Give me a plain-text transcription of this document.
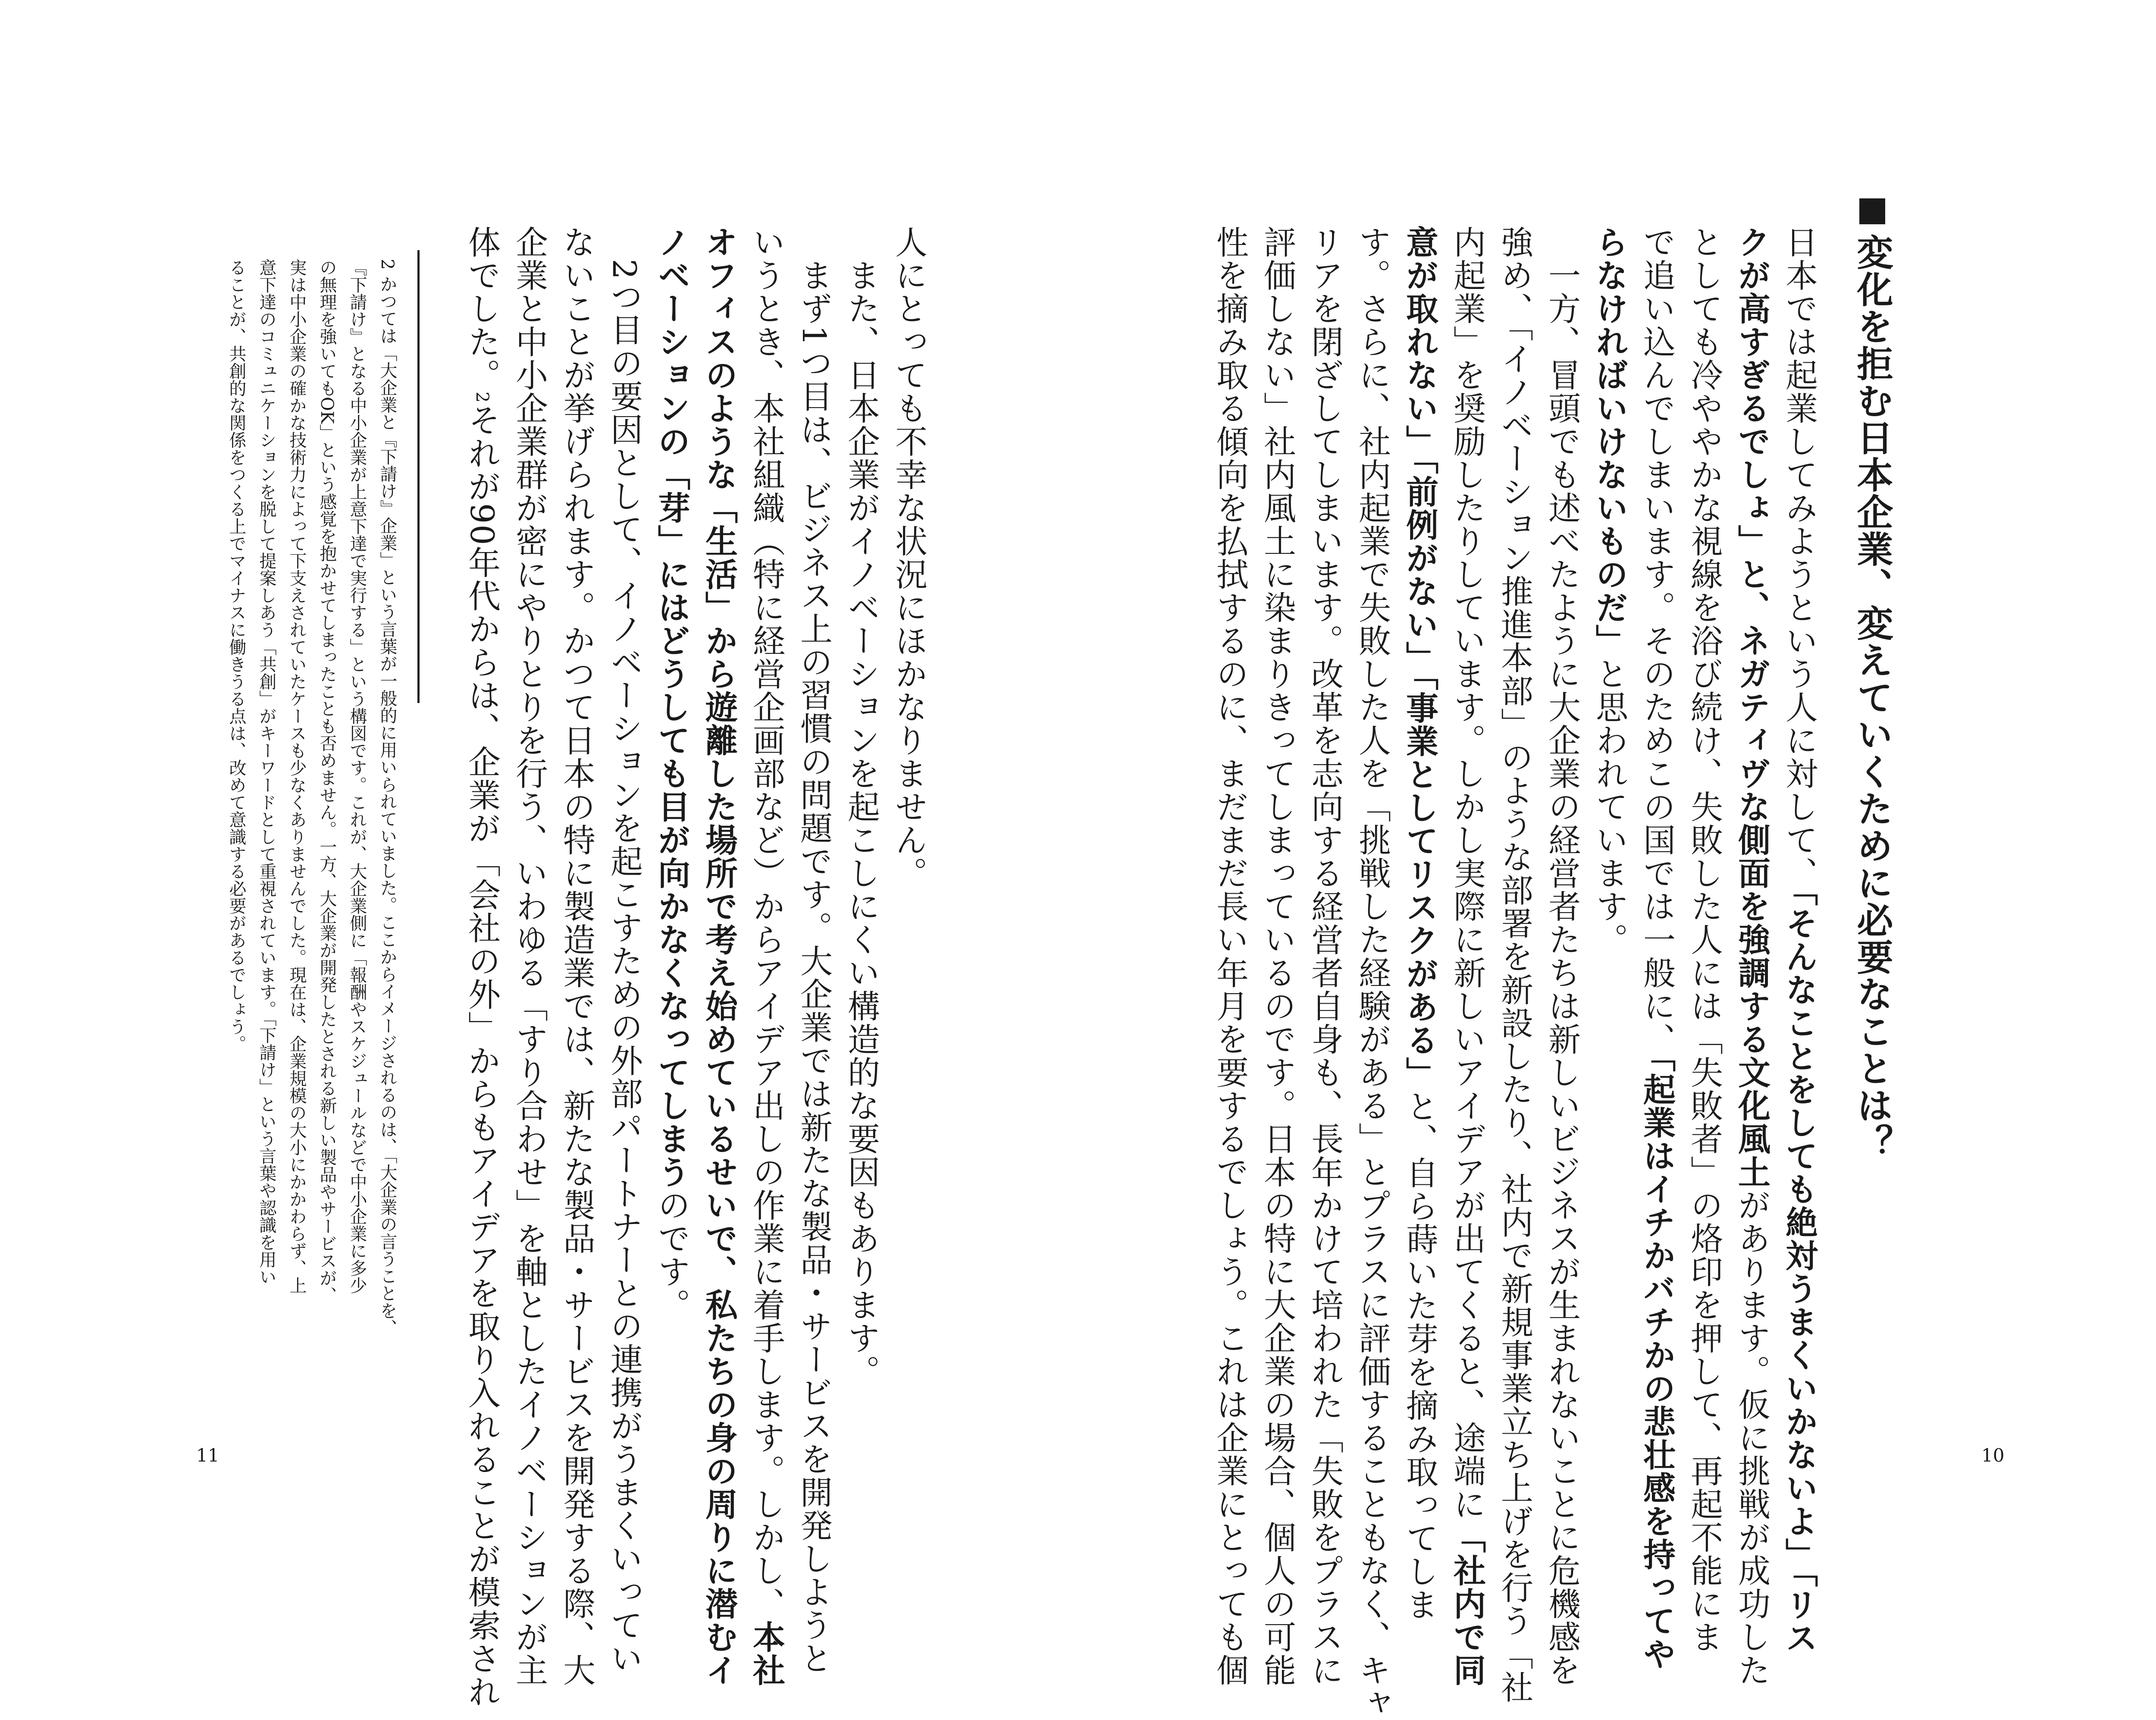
変化を拒む日本企業、変えていくために必要なことは？
日本では起業してみようという人に対して、「そんなことをしても絶対うまくいかないよ」「リス
クが高すぎるでしょ」と、ネガティヴな側面を強調する文化風土があります。仮に挑戦が成功した
としても冷ややかな視線を浴び続け、失敗した人には「失敗者」の烙印を押して、再起不能にま
で追い込んでしまいます。そのためこの国では一般に、「起業はイチかバチかの悲壮感を持ってや
らなければいけないものだ」と思われています。
　一方、冒頭でも述べたように大企業の経営者たちは新しいビジネスが生まれないことに危機感を
強め、「イノベーション推進本部」のような部署を新設したり、社内で新規事業立ち上げを行う「社
内起業」を奨励したりしています。しかし実際に新しいアイデアが出てくると、途端に「社内で同
意が取れない」「前例がない」「事業としてリスクがある」と、自ら蒔いた芽を摘み取ってしま
す。さらに、社内起業で失敗した人を「挑戦した経験がある」とプラスに評価することもなく、キャ
リアを閉ざしてしまいます。改革を志向する経営者自身も、長年かけて培われた「失敗をプラスに
評価しない」社内風土に染まりきってしまっているのです。日本の特に大企業の場合、個人の可能
性を摘み取る傾向を払拭するのに、まだまだ長い年月を要するでしょう。これは企業にとっても個
人にとっても不幸な状況にほかなりません。
　また、日本企業がイノベーションを起こしにくい構造的な要因もあります。
　まず1つ目は、ビジネス上の習慣の問題です。大企業では新たな製品・サービスを開発しようと
いうとき、本社組織（特に経営企画部など）からアイデア出しの作業に着手します。しかし、本社
オフィスのような「生活」から遊離した場所で考え始めているせいで、私たちの身の周りに潜むイ
ノベーションの「芽」にはどうしても目が向かなくなってしまうのです。
　2つ目の要因として、イノベーションを起こすための外部パートナーとの連携がうまくいってい
ないことが挙げられます。かつて日本の特に製造業では、新たな製品・サービスを開発する際、大
企業と中小企業群が密にやりとりを行う、いわゆる「すり合わせ」を軸としたイノベーションが主
体でした。2それが90年代からは、企業が「会社の外」からもアイデアを取り入れることが模索され
2 かつては「大企業と『下請け』企業」という言葉が一般的に用いられていました。ここからイメージされるのは、「大企業の言うことを、
『下請け』となる中小企業が上意下達で実行する」という構図です。これが、大企業側に「報酬やスケジュールなどで中小企業に多少
の無理を強いてもOK」という感覚を抱かせてしまったことも否めません。一方、大企業が開発したとされる新しい製品やサービスが、
実は中小企業の確かな技術力によって下支えされていたケースも少なくありませんでした。現在は、企業規模の大小にかかわらず、上
意下達のコミュニケーションを脱して提案しあう「共創」がキーワードとして重視されています。「下請け」という言葉や認識を用い
ることが、共創的な関係をつくる上でマイナスに働きうる点は、改めて意識する必要があるでしょう。
10
11
